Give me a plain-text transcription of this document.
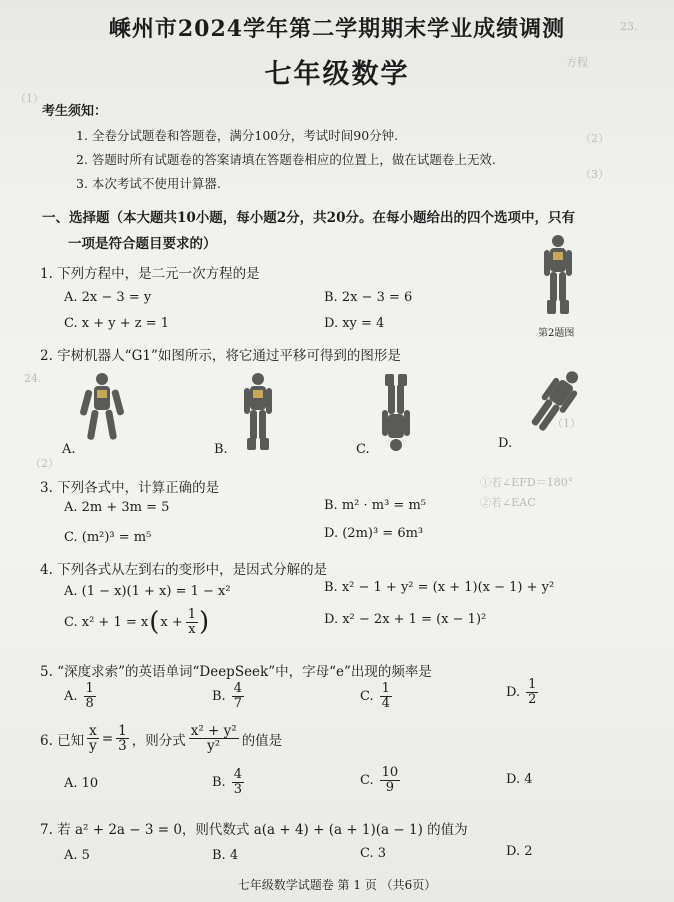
23.
方程
（1）
（2）
（3）
24.
（1）
（2）
①若∠EFD＝180°
②若∠EAC
嵊州市2024学年第二学期期末学业成绩调测
七年级数学
考生须知：
1. 全卷分试题卷和答题卷，满分100分，考试时间90分钟.
2. 答题时所有试题卷的答案请填在答题卷相应的位置上，做在试题卷上无效.
3. 本次考试不使用计算器.
一、选择题（本大题共10小题，每小题2分，共20分。在每小题给出的四个选项中，只有
一项是符合题目要求的）
1. 下列方程中，是二元一次方程的是
A. 2x − 3 = y	B. 2x − 3 = 6
C. x + y + z = 1	D. xy = 4
第2题图
2. 宇树机器人“G1”如图所示，将它通过平移可得到的图形是
A.	B.	C.	D.
3. 下列各式中，计算正确的是
A. 2m + 3m = 5	B. m² · m³ = m⁵
C. (m²)³ = m⁵	D. (2m)³ = 6m³
4. 下列各式从左到右的变形中，是因式分解的是
A. (1 − x)(1 + x) = 1 − x²	B. x² − 1 + y² = (x + 1)(x − 1) + y²
C. x² + 1 = x ( $x + \frac{1}{x}$ )	D. x² − 2x + 1 = (x − 1)²
5. “深度求索”的英语单词“DeepSeek”中，字母“e”出现的频率是
A. $\frac{1}{8}$	B. $\frac{4}{7}$	C. $\frac{1}{4}$	D. $\frac{1}{2}$
6. 已知 $\frac{x}{y} = \frac{1}{3}$ ，则分式 $\frac{\text{x² + y²}}{\text{y²}}$ 的值是
A. 10	B. $\frac{4}{3}$	C. $\frac{10}{9}$	D. 4
7. 若 a² + 2a − 3 = 0，则代数式 a(a + 4) + (a + 1)(a − 1) 的值为
A. 5	B. 4	C. 3	D. 2
七年级数学试题卷 第 1 页 （共6页）
